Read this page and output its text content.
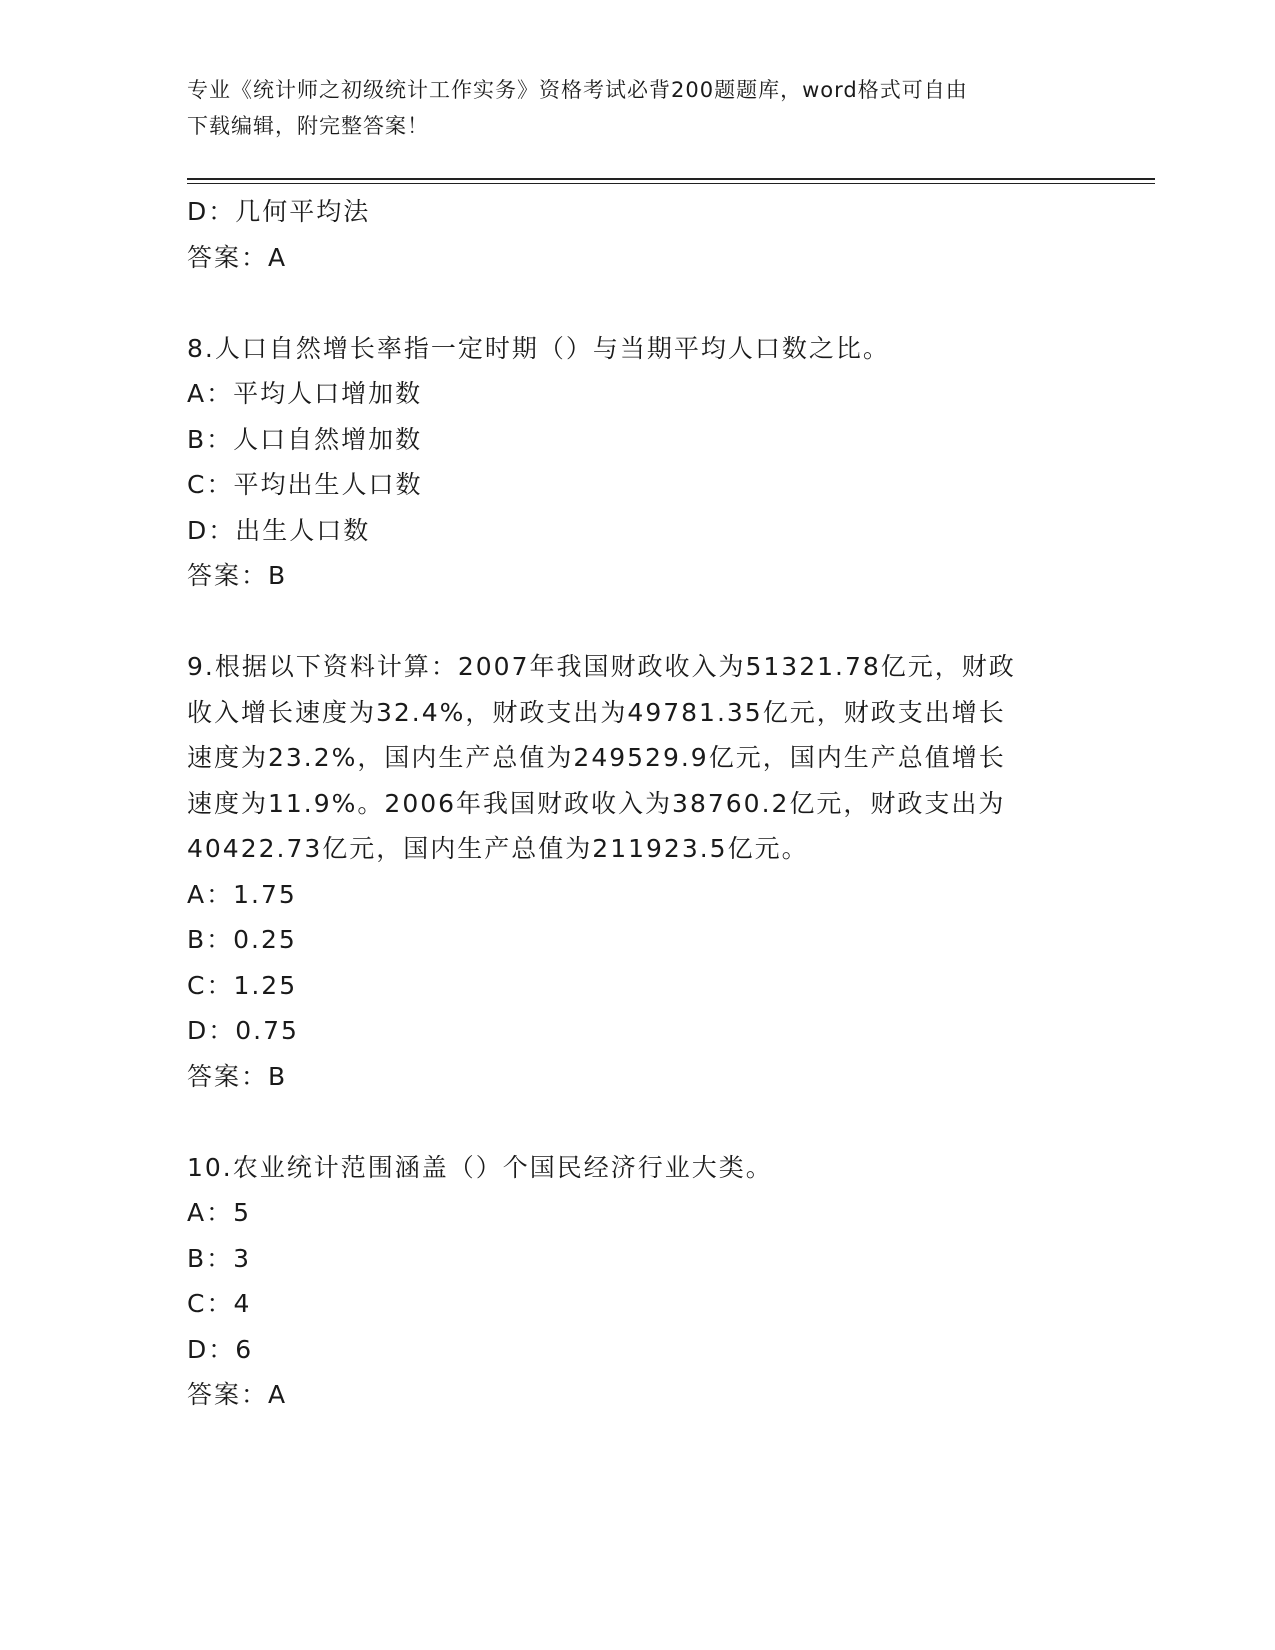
专业《统计师之初级统计工作实务》资格考试必背200题题库，word格式可自由
下载编辑，附完整答案！
D：几何平均法
答案：A
8.人口自然增长率指一定时期（）与当期平均人口数之比。
A：平均人口增加数
B：人口自然增加数
C：平均出生人口数
D：出生人口数
答案：B
9.根据以下资料计算：2007年我国财政收入为51321.78亿元，财政
收入增长速度为32.4%，财政支出为49781.35亿元，财政支出增长
速度为23.2%，国内生产总值为249529.9亿元，国内生产总值增长
速度为11.9%。2006年我国财政收入为38760.2亿元，财政支出为
40422.73亿元，国内生产总值为211923.5亿元。
A：1.75
B：0.25
C：1.25
D：0.75
答案：B
10.农业统计范围涵盖（）个国民经济行业大类。
A：5
B：3
C：4
D：6
答案：A
